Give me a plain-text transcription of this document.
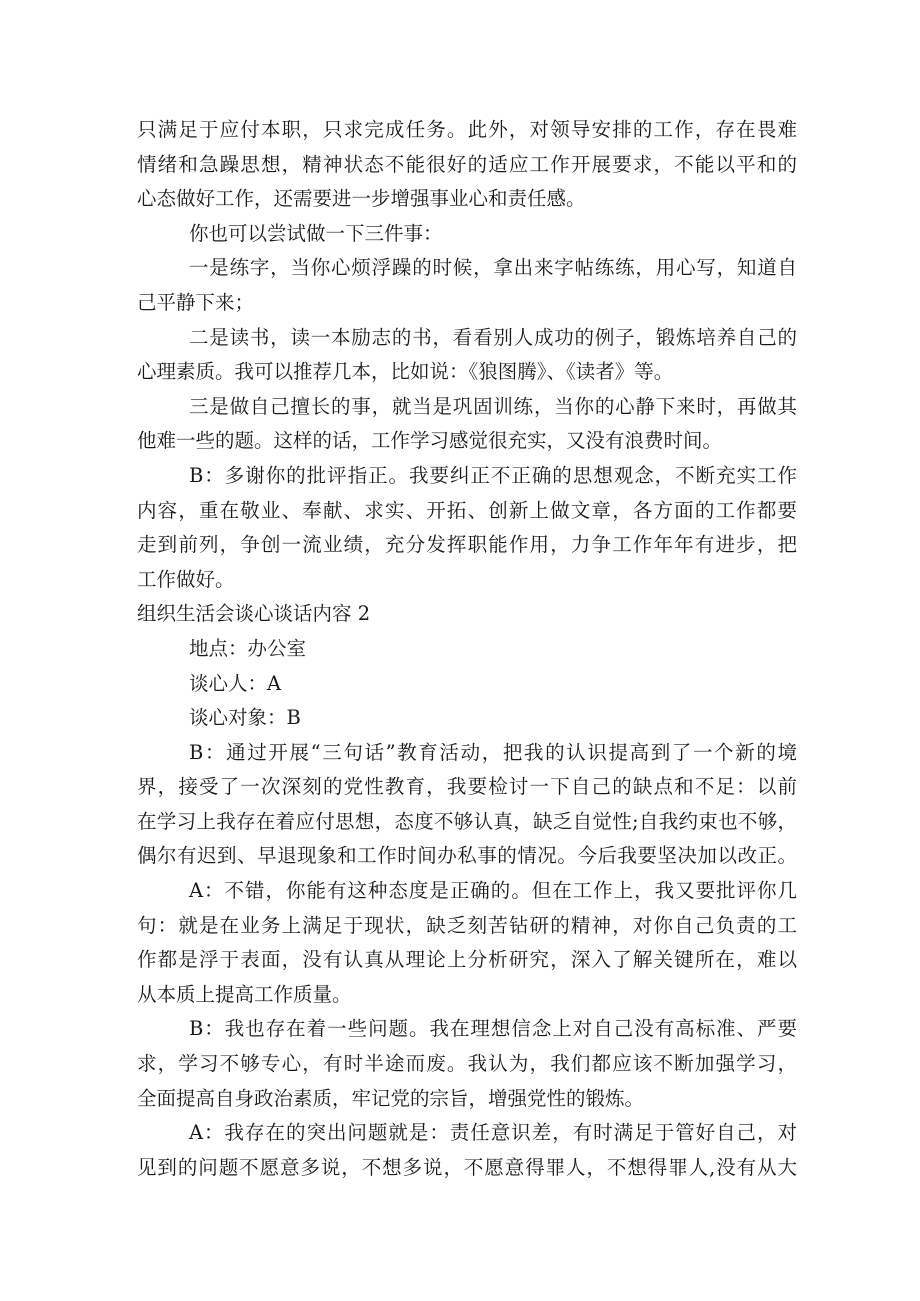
只满足于应付本职，只求完成任务。此外，对领导安排的工作，存在畏难
情绪和急躁思想，精神状态不能很好的适应工作开展要求，不能以平和的
心态做好工作，还需要进一步增强事业心和责任感。
你也可以尝试做一下三件事：
一是练字，当你心烦浮躁的时候，拿出来字帖练练，用心写，知道自
己平静下来；
二是读书，读一本励志的书，看看别人成功的例子，锻炼培养自己的
心理素质。我可以推荐几本，比如说：《狼图腾》、《读者》等。
三是做自己擅长的事，就当是巩固训练，当你的心静下来时，再做其
他难一些的题。这样的话，工作学习感觉很充实，又没有浪费时间。
B：多谢你的批评指正。我要纠正不正确的思想观念，不断充实工作
内容，重在敬业、奉献、求实、开拓、创新上做文章，各方面的工作都要
走到前列，争创一流业绩，充分发挥职能作用，力争工作年年有进步，把
工作做好。
组织生活会谈心谈话内容 2
地点：办公室
谈心人：A
谈心对象：B
B：通过开展“三句话”教育活动，把我的认识提高到了一个新的境
界，接受了一次深刻的党性教育，我要检讨一下自己的缺点和不足：以前
在学习上我存在着应付思想，态度不够认真，缺乏自觉性;自我约束也不够，
偶尔有迟到、早退现象和工作时间办私事的情况。今后我要坚决加以改正。
A：不错，你能有这种态度是正确的。但在工作上，我又要批评你几
句：就是在业务上满足于现状，缺乏刻苦钻研的精神，对你自己负责的工
作都是浮于表面，没有认真从理论上分析研究，深入了解关键所在，难以
从本质上提高工作质量。
B：我也存在着一些问题。我在理想信念上对自己没有高标准、严要
求，学习不够专心，有时半途而废。我认为，我们都应该不断加强学习，
全面提高自身政治素质，牢记党的宗旨，增强党性的锻炼。
A：我存在的突出问题就是：责任意识差，有时满足于管好自己，对
见到的问题不愿意多说，不想多说，不愿意得罪人，不想得罪人,没有从大
